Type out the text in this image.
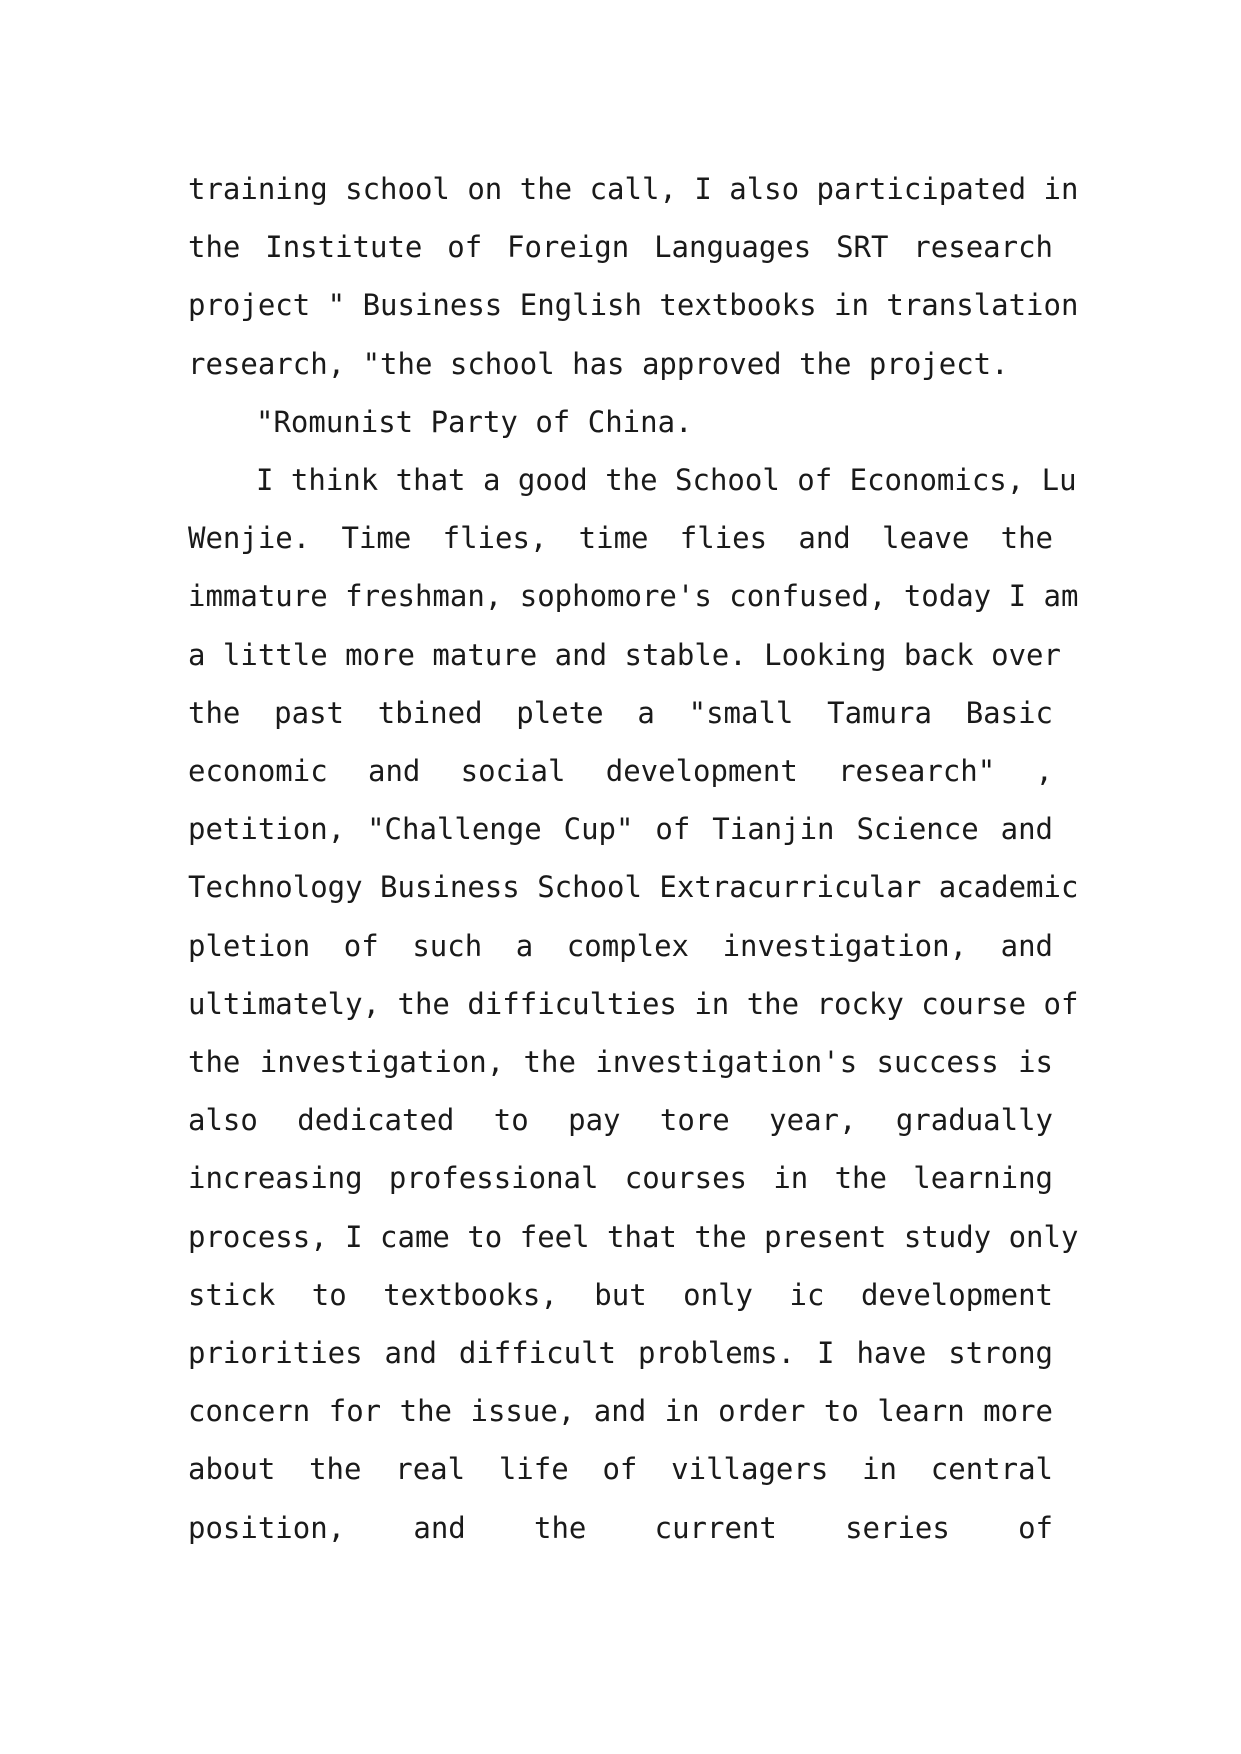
training school on the call, I also participated in
the Institute of Foreign Languages SRT research
project " Business English textbooks in translation
research, "the school has approved the project.

"Romunist Party of China.

I think that a good the School of Economics, Lu
Wenjie. Time flies, time flies and leave the
immature freshman, sophomore's confused, today I am
a little more mature and stable. Looking back over
the past tbined plete a "small Tamura Basic
economic and social development research" ,
petition, "Challenge Cup" of Tianjin Science and
Technology Business School Extracurricular academic
pletion of such a complex investigation, and
ultimately, the difficulties in the rocky course of
the investigation, the investigation's success is
also dedicated to pay tore year, gradually
increasing professional courses in the learning
process, I came to feel that the present study only
stick to textbooks, but only ic development
priorities and difficult problems. I have strong
concern for the issue, and in order to learn more
about the real life of villagers in central
position, and the current series of
